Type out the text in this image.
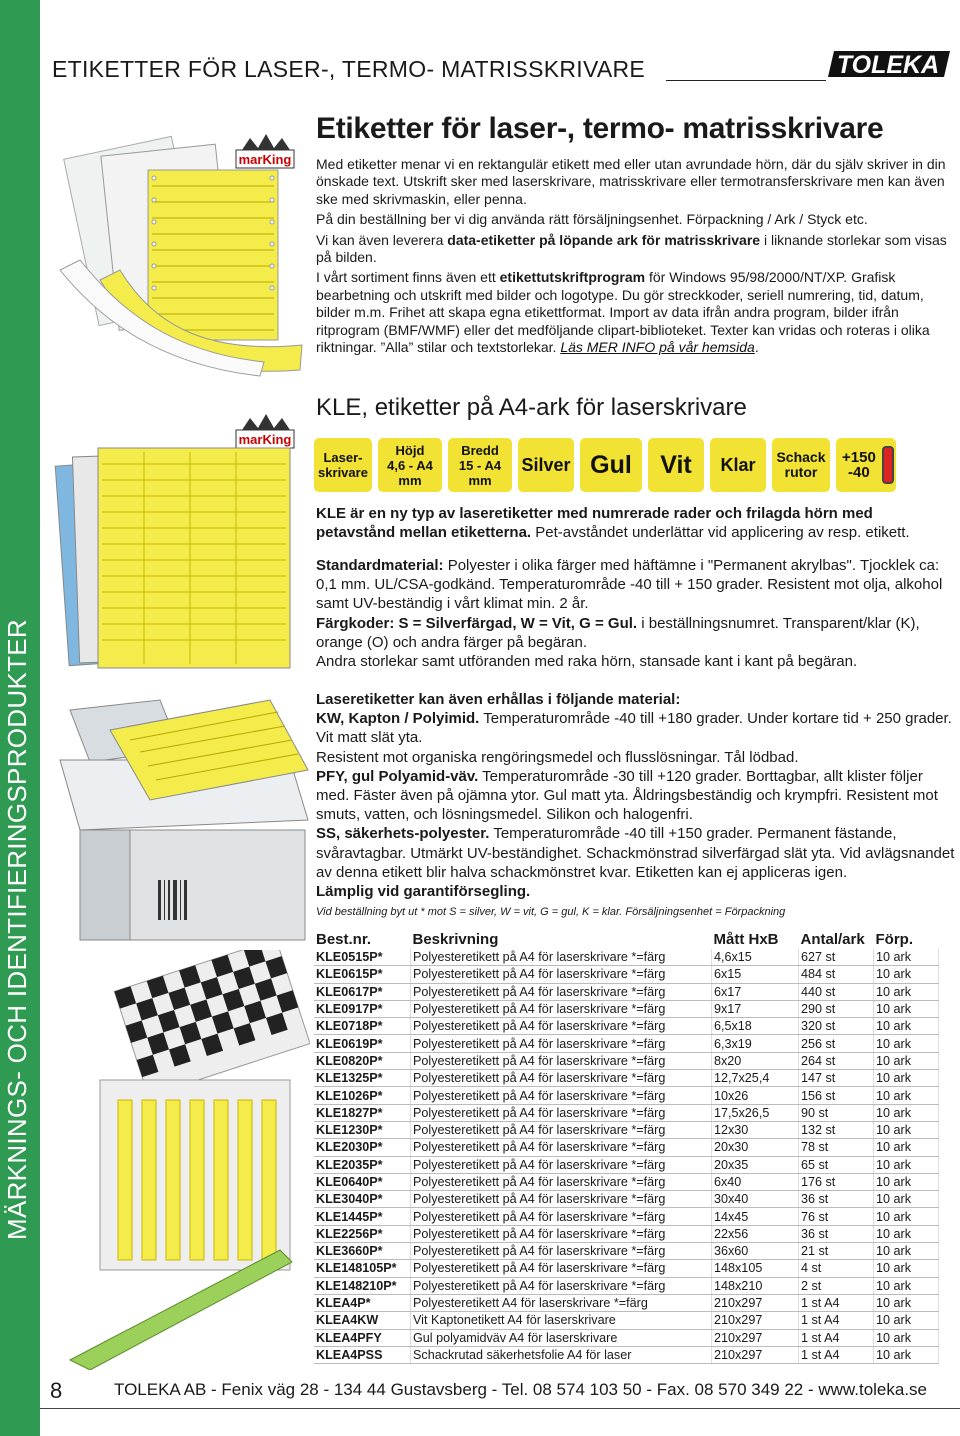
MÄRKNINGS- OCH IDENTIFIERINGSPRODUKTER
ETIKETTER FÖR LASER-, TERMO- MATRISSKRIVARE	TOLEKA
marKing
marKing
Etiketter för laser-, termo- matrisskrivare

Med etiketter menar vi en rektangulär etikett med eller utan avrundade hörn, där du själv skriver in din önskade text. Utskrift sker med laserskrivare, matrisskrivare eller termotransferskrivare men kan även ske med skrivmaskin, eller penna.

På din beställning ber vi dig använda rätt försäljningsenhet. Förpackning / Ark / Styck etc.

Vi kan även leverera data-etiketter på löpande ark för matrisskrivare i liknande storlekar som visas på bilden.

I vårt sortiment finns även ett etikettutskriftprogram för Windows 95/98/2000/NT/XP. Grafisk bearbetning och utskrift med bilder och logotype. Du gör streckkoder, seriell numrering, tid, datum, bilder m.m. Frihet att skapa egna etikettformat. Import av data ifrån andra program, bilder ifrån ritprogram (BMF/WMF) eller det medföljande clipart-biblioteket. Texter kan vridas och roteras i olika riktningar. ”Alla” stilar och textstorlekar. Läs MER INFO på vår hemsida.

KLE, etiketter på A4-ark för laserskrivare
Laser-
skrivare
Höjd
4,6 - A4
mm
Bredd
15 - A4
mm
Silver Gul	Vit	Klar	Schack
rutor
+150
-40

KLE är en ny typ av laseretiketter med numrerade rader och frilagda hörn med petavstånd mellan etiketterna. Pet-avståndet underlättar vid applicering av resp. etikett.

Standardmaterial: Polyester i olika färger med häftämne i "Permanent akrylbas". Tjocklek ca: 0,1 mm. UL/CSA-godkänd. Temperaturområde -40 till + 150 grader. Resistent mot olja, alkohol samt UV-beständig i vårt klimat min. 2 år.

Färgkoder: S = Silverfärgad, W = Vit, G = Gul. i beställningsnumret. Transparent/klar (K), orange (O) och andra färger på begäran.

Andra storlekar samt utföranden med raka hörn, stansade kant i kant på begäran.

Laseretiketter kan även erhållas i följande material:

KW, Kapton / Polyimid. Temperaturområde -40 till +180 grader. Under kortare tid + 250 grader. Vit matt slät yta.

Resistent mot organiska rengöringsmedel och flusslösningar. Tål lödbad.

PFY, gul Polyamid-väv. Temperaturområde -30 till +120 grader. Borttagbar, allt klister följer med. Fäster även på ojämna ytor. Gul matt yta. Åldringsbeständig och krympfri. Resistent mot smuts, vatten, och lösningsmedel. Silikon och halogenfri.

SS, säkerhets-polyester. Temperaturområde -40 till +150 grader. Permanent fästande, svåravtagbar. Utmärkt UV-beständighet. Schackmönstrad silverfärgad slät yta. Vid avlägsnandet av denna etikett blir halva schackmönstret kvar. Etiketten kan ej appliceras igen.

Lämplig vid garantiförsegling.

Vid beställning byt ut * mot S = silver, W = vit, G = gul, K = klar. Försäljningsenhet = Förpackning
Best.nr.	Beskrivning	Mått HxB	Antal/ark	Förp.
KLE0515P*	Polyesteretikett på A4 för laserskrivare *=färg	4,6x15	627 st	10 ark
KLE0615P*	Polyesteretikett på A4 för laserskrivare *=färg	6x15	484 st	10 ark
KLE0617P*	Polyesteretikett på A4 för laserskrivare *=färg	6x17	440 st	10 ark
KLE0917P*	Polyesteretikett på A4 för laserskrivare *=färg	9x17	290 st	10 ark
KLE0718P*	Polyesteretikett på A4 för laserskrivare *=färg	6,5x18	320 st	10 ark
KLE0619P*	Polyesteretikett på A4 för laserskrivare *=färg	6,3x19	256 st	10 ark
KLE0820P*	Polyesteretikett på A4 för laserskrivare *=färg	8x20	264 st	10 ark
KLE1325P*	Polyesteretikett på A4 för laserskrivare *=färg	12,7x25,4	147 st	10 ark
KLE1026P*	Polyesteretikett på A4 för laserskrivare *=färg	10x26	156 st	10 ark
KLE1827P*	Polyesteretikett på A4 för laserskrivare *=färg	17,5x26,5	90 st	10 ark
KLE1230P*	Polyesteretikett på A4 för laserskrivare *=färg	12x30	132 st	10 ark
KLE2030P*	Polyesteretikett på A4 för laserskrivare *=färg	20x30	78 st	10 ark
KLE2035P*	Polyesteretikett på A4 för laserskrivare *=färg	20x35	65 st	10 ark
KLE0640P*	Polyesteretikett på A4 för laserskrivare *=färg	6x40	176 st	10 ark
KLE3040P*	Polyesteretikett på A4 för laserskrivare *=färg	30x40	36 st	10 ark
KLE1445P*	Polyesteretikett på A4 för laserskrivare *=färg	14x45	76 st	10 ark
KLE2256P*	Polyesteretikett på A4 för laserskrivare *=färg	22x56	36 st	10 ark
KLE3660P*	Polyesteretikett på A4 för laserskrivare *=färg	36x60	21 st	10 ark
KLE148105P*	Polyesteretikett på A4 för laserskrivare *=färg	148x105	4 st	10 ark
KLE148210P*	Polyesteretikett på A4 för laserskrivare *=färg	148x210	2 st	10 ark
KLEA4P*	Polyesteretikett A4 för laserskrivare *=färg	210x297	1 st A4	10 ark
KLEA4KW	Vit Kaptonetikett A4 för laserskrivare	210x297	1 st A4	10 ark
KLEA4PFY	Gul polyamidväv A4 för laserskrivare	210x297	1 st A4	10 ark
KLEA4PSS	Schackrutad säkerhetsfolie A4 för laser	210x297	1 st A4	10 ark
8	TOLEKA AB - Fenix väg 28 - 134 44 Gustavsberg - Tel. 08 574 103 50 - Fax. 08 570 349 22 - www.toleka.se
